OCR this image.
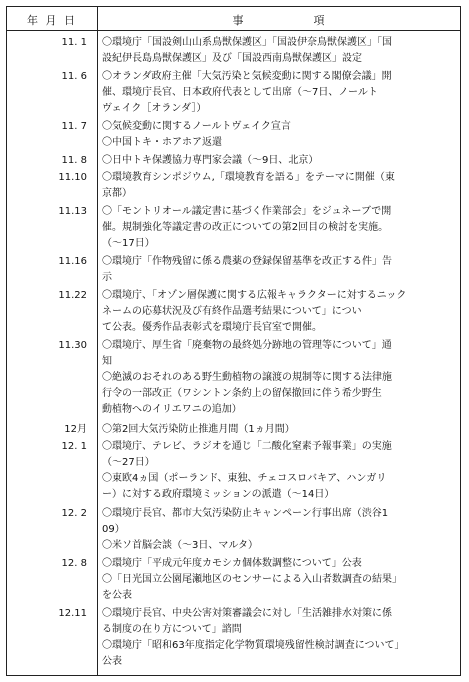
年 月 日	事項
11. 1 〇環境庁「国設剣山山系鳥獣保護区」「国設伊奈鳥獣保護区」「国
設紀伊長島鳥獣保護区」及び「国設西南鳥獣保護区」設定
11. 6 〇オランダ政府主催「大気汚染と気候変動に関する閣僚会議」開
催、環境庁長官、日本政府代表として出席（～7日、ノールト
ヴェイク［オランダ］）
11. 7 〇気候変動に関するノールトヴェイク宣言
〇中国トキ・ホアホア返還
11. 8 〇日中トキ保護協力専門家会議（～9日、北京）
11.10 〇環境教育シンポジウム,「環境教育を語る」をテーマに開催（東
京都）
11.13 〇「モントリオール議定書に基づく作業部会」をジュネーブで開
催。規制強化等議定書の改正についての第2回目の検討を実施。
（～17日）
11.16 〇環境庁「作物残留に係る農薬の登録保留基準を改正する件」告
示
11.22 〇環境庁、「オゾン層保護に関する広報キャラクターに対するニック
ネームの応募状況及び有終作品選考結果について」につい
て公表。優秀作品表彰式を環境庁長官室で開催。
11.30 〇環境庁、厚生省「廃棄物の最終処分跡地の管理等について」通
知
〇絶滅のおそれのある野生動植物の譲渡の規制等に関する法律施
行令の一部改正（ワシントン条約上の留保撤回に伴う希少野生
動植物へのイリエワニの追加）
12月 〇第2回大気汚染防止推進月間（1ヵ月間）
12. 1 〇環境庁、テレビ、ラジオを通じ「二酸化窒素予報事業」の実施
（～27日）
〇東欧4ヵ国（ポーランド、東独、チェコスロバキア、ハンガリ
ー）に対する政府環境ミッションの派遣（～14日）
12. 2 〇環境庁長官、都市大気汚染防止キャンペーン行事出席（渋谷1
09）
〇米ソ首脳会談（～3日、マルタ）
12. 8 〇環境庁「平成元年度カモシカ個体数調整について」公表
〇「日光国立公園尾瀬地区のセンサーによる入山者数調査の結果」
を公表
12.11 〇環境庁長官、中央公害対策審議会に対し「生活雑排水対策に係
る制度の在り方について」諮問
〇環境庁「昭和63年度指定化学物質環境残留性検討調査について」
公表
